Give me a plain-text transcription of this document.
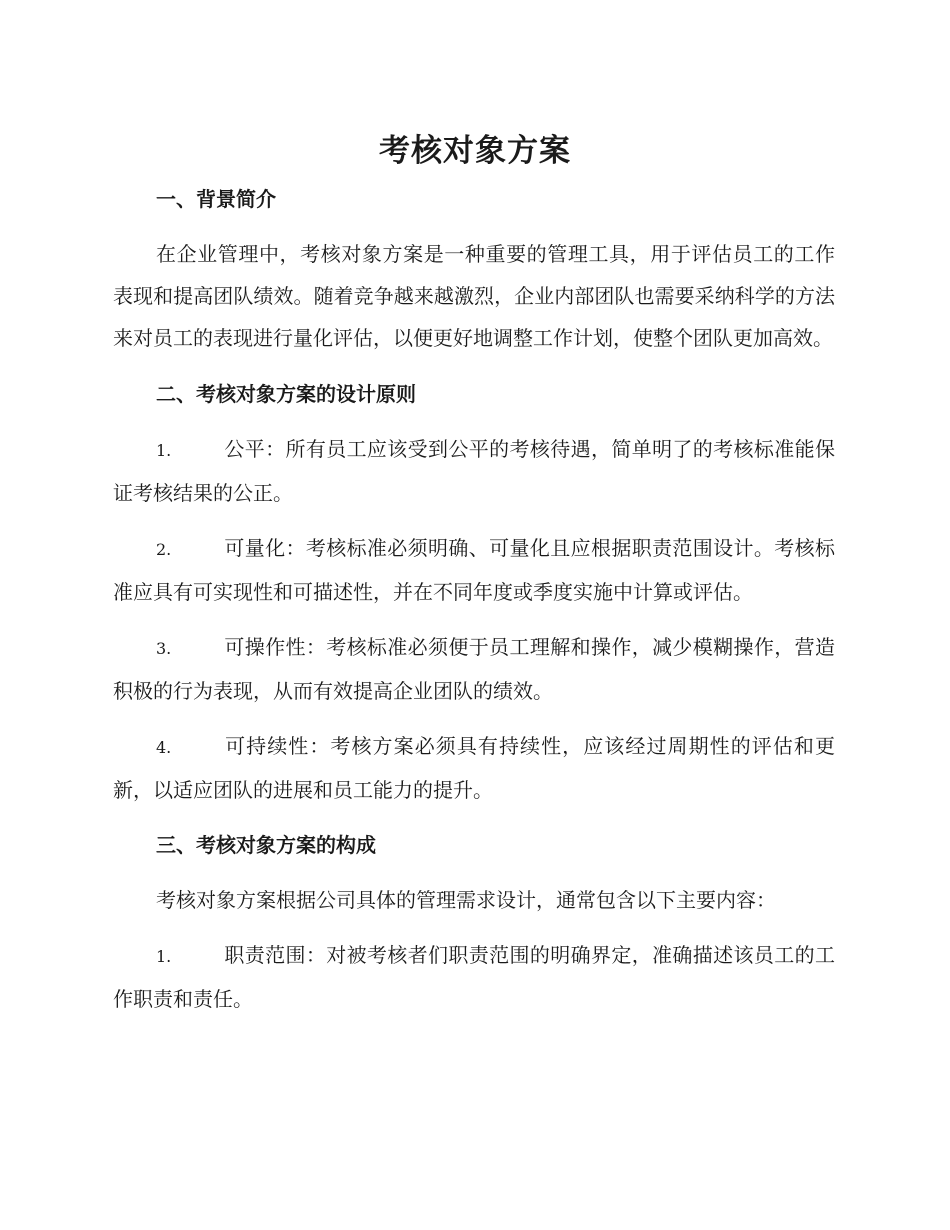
考核对象方案
一、背景简介

在企业管理中，考核对象方案是一种重要的管理工具，用于评估员工的工作表现和提高团队绩效。随着竞争越来越激烈，企业内部团队也需要采纳科学的方法来对员工的表现进行量化评估，以便更好地调整工作计划，使整个团队更加高效。

二、考核对象方案的设计原则

1.	公平：所有员工应该受到公平的考核待遇，简单明了的考核标准能保证考核结果的公正。

2.	可量化：考核标准必须明确、可量化且应根据职责范围设计。考核标准应具有可实现性和可描述性，并在不同年度或季度实施中计算或评估。

3.	可操作性：考核标准必须便于员工理解和操作，减少模糊操作，营造积极的行为表现，从而有效提高企业团队的绩效。

4.	可持续性：考核方案必须具有持续性，应该经过周期性的评估和更新，以适应团队的进展和员工能力的提升。

三、考核对象方案的构成

考核对象方案根据公司具体的管理需求设计，通常包含以下主要内容：

1.	职责范围：对被考核者们职责范围的明确界定，准确描述该员工的工作职责和责任。
